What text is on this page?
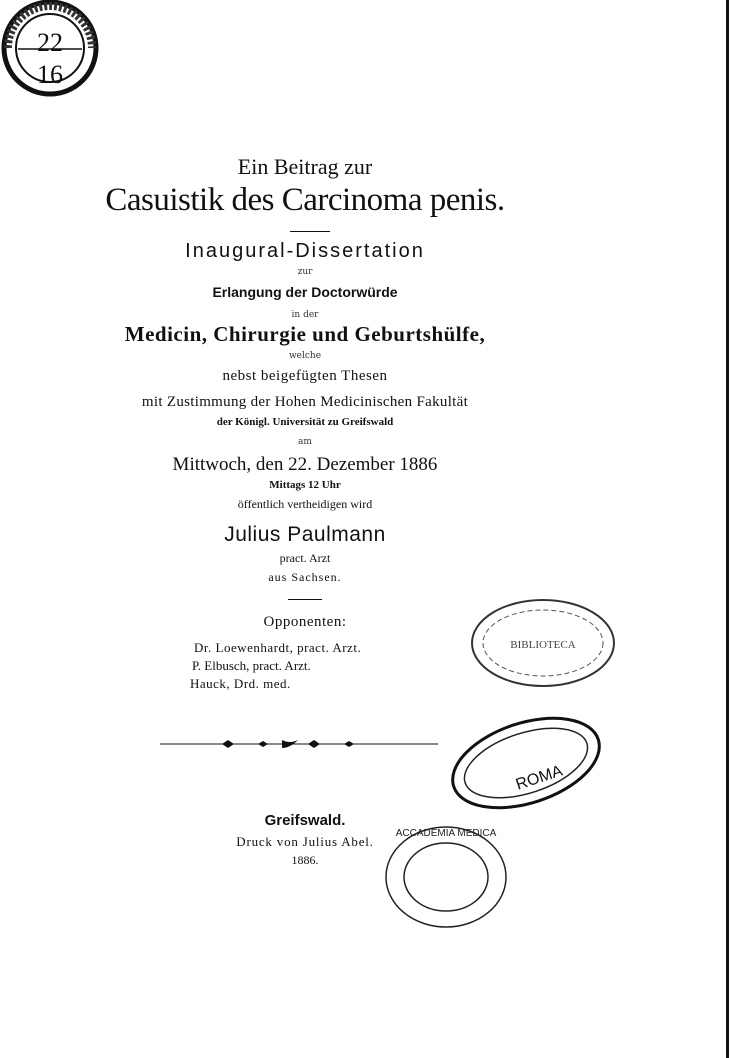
22
16
Ein Beitrag zur
Casuistik des Carcinoma penis.
Inaugural-Dissertation
zur
Erlangung der Doctorwürde
in der
Medicin, Chirurgie und Geburtshülfe,
welche
nebst beigefügten Thesen
mit Zustimmung der Hohen Medicinischen Fakultät
der Königl. Universität zu Greifswald
am
Mittwoch, den 22. Dezember 1886
Mittags 12 Uhr
öffentlich vertheidigen wird
Julius Paulmann
pract. Arzt
aus Sachsen.
Opponenten:
Dr. Loewenhardt, pract. Arzt.
P. Elbusch, pract. Arzt.
Hauck, Drd. med.
Greifswald.
Druck von Julius Abel.
1886.
BIBLIOTECA
ROMA
ACCADEMIA MEDICA
